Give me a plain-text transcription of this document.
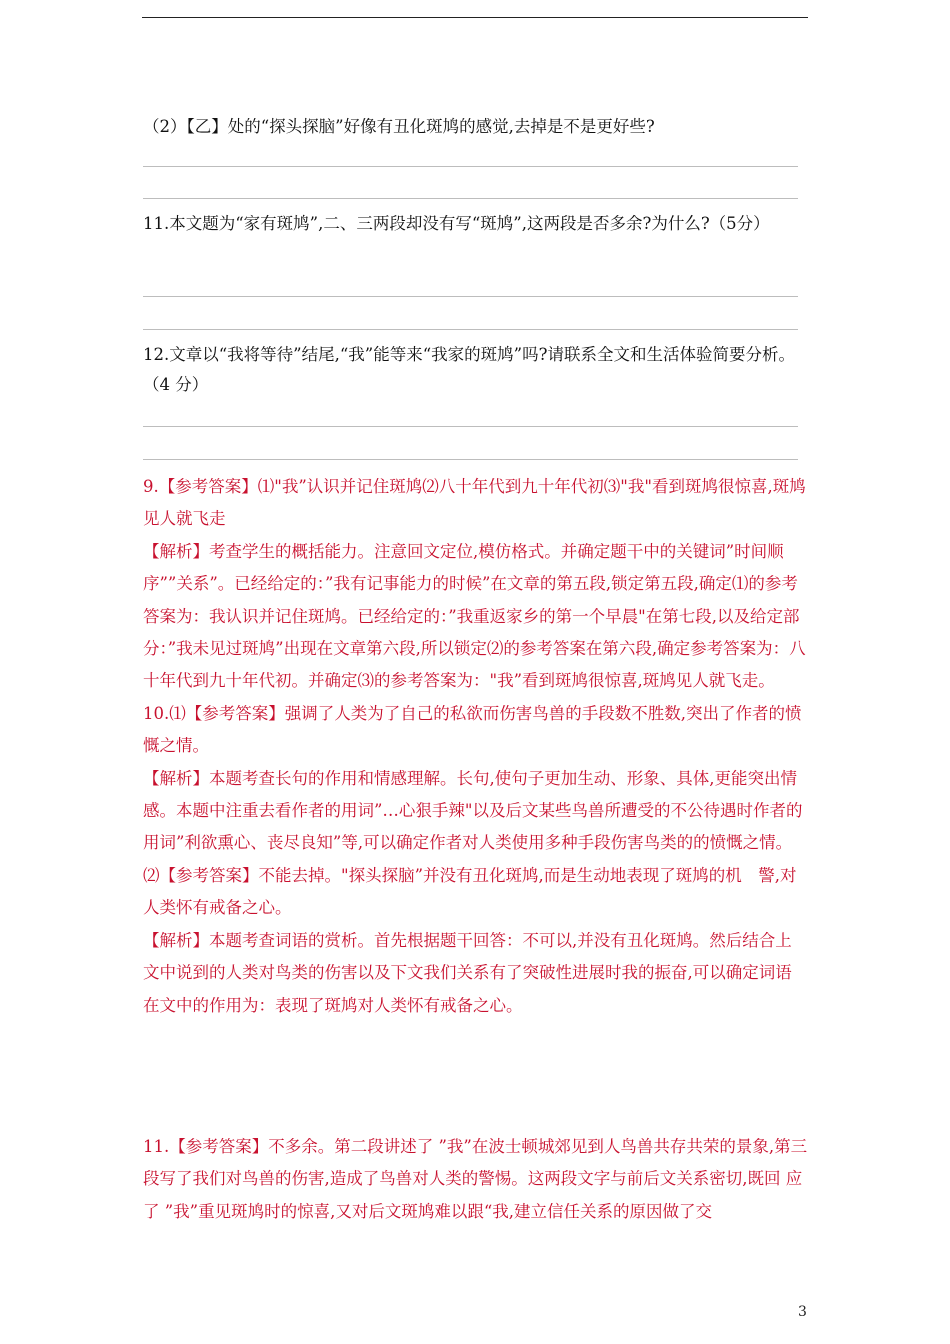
（2）【乙】处的“探头探脑”好像有丑化斑鸠的感觉,去掉是不是更好些?
11.本文题为“家有斑鸠”,二、三两段却没有写“斑鸠”,这两段是否多余?为什么?（5分）
12.文章以“我将等待”结尾,“我”能等来“我家的斑鸠”吗?请联系全文和生活体验简要分析。（4 分）

9.【参考答案】⑴"我”认识并记住斑鸠⑵八十年代到九十年代初⑶"我"看到斑鸠很惊喜,斑鸠见人就飞走

【解析】考查学生的概括能力。注意回文定位,模仿格式。并确定题干中的关键词”时间顺序””关系”。已经给定的：”我有记事能力的时候”在文章的第五段,锁定第五段,确定⑴的参考答案为：我认识并记住斑鸠。已经给定的：”我重返家乡的第一个早晨"在第七段,以及给定部分：”我未见过斑鸠”出现在文章第六段,所以锁定⑵的参考答案在第六段,确定参考答案为：八十年代到九十年代初。并确定⑶的参考答案为："我”看到斑鸠很惊喜,斑鸠见人就飞走。

10.⑴【参考答案】强调了人类为了自己的私欲而伤害鸟兽的手段数不胜数,突出了作者的愤慨之情。

【解析】本题考查长句的作用和情感理解。长句,使句子更加生动、形象、具体,更能突出情感。本题中注重去看作者的用词”…心狠手辣"以及后文某些鸟兽所遭受的不公待遇时作者的用词”利欲熏心、丧尽良知”等,可以确定作者对人类使用多种手段伤害鸟类的的愤慨之情。

⑵【参考答案】不能去掉。"探头探脑”并没有丑化斑鸠,而是生动地表现了斑鸠的机　警,对人类怀有戒备之心。

【解析】本题考查词语的赏析。首先根据题干回答：不可以,并没有丑化斑鸠。然后结合上文中说到的人类对鸟类的伤害以及下文我们关系有了突破性进展时我的振奋,可以确定词语在文中的作用为：表现了斑鸠对人类怀有戒备之心。

11.【参考答案】不多余。第二段讲述了 ”我”在波士顿城郊见到人鸟兽共存共荣的景象,第三 段写了我们对鸟兽的伤害,造成了鸟兽对人类的警惕。这两段文字与前后文关系密切,既回 应了 ”我”重见斑鸠时的惊喜,又对后文斑鸠难以跟“我,建立信任关系的原因做了交

3
